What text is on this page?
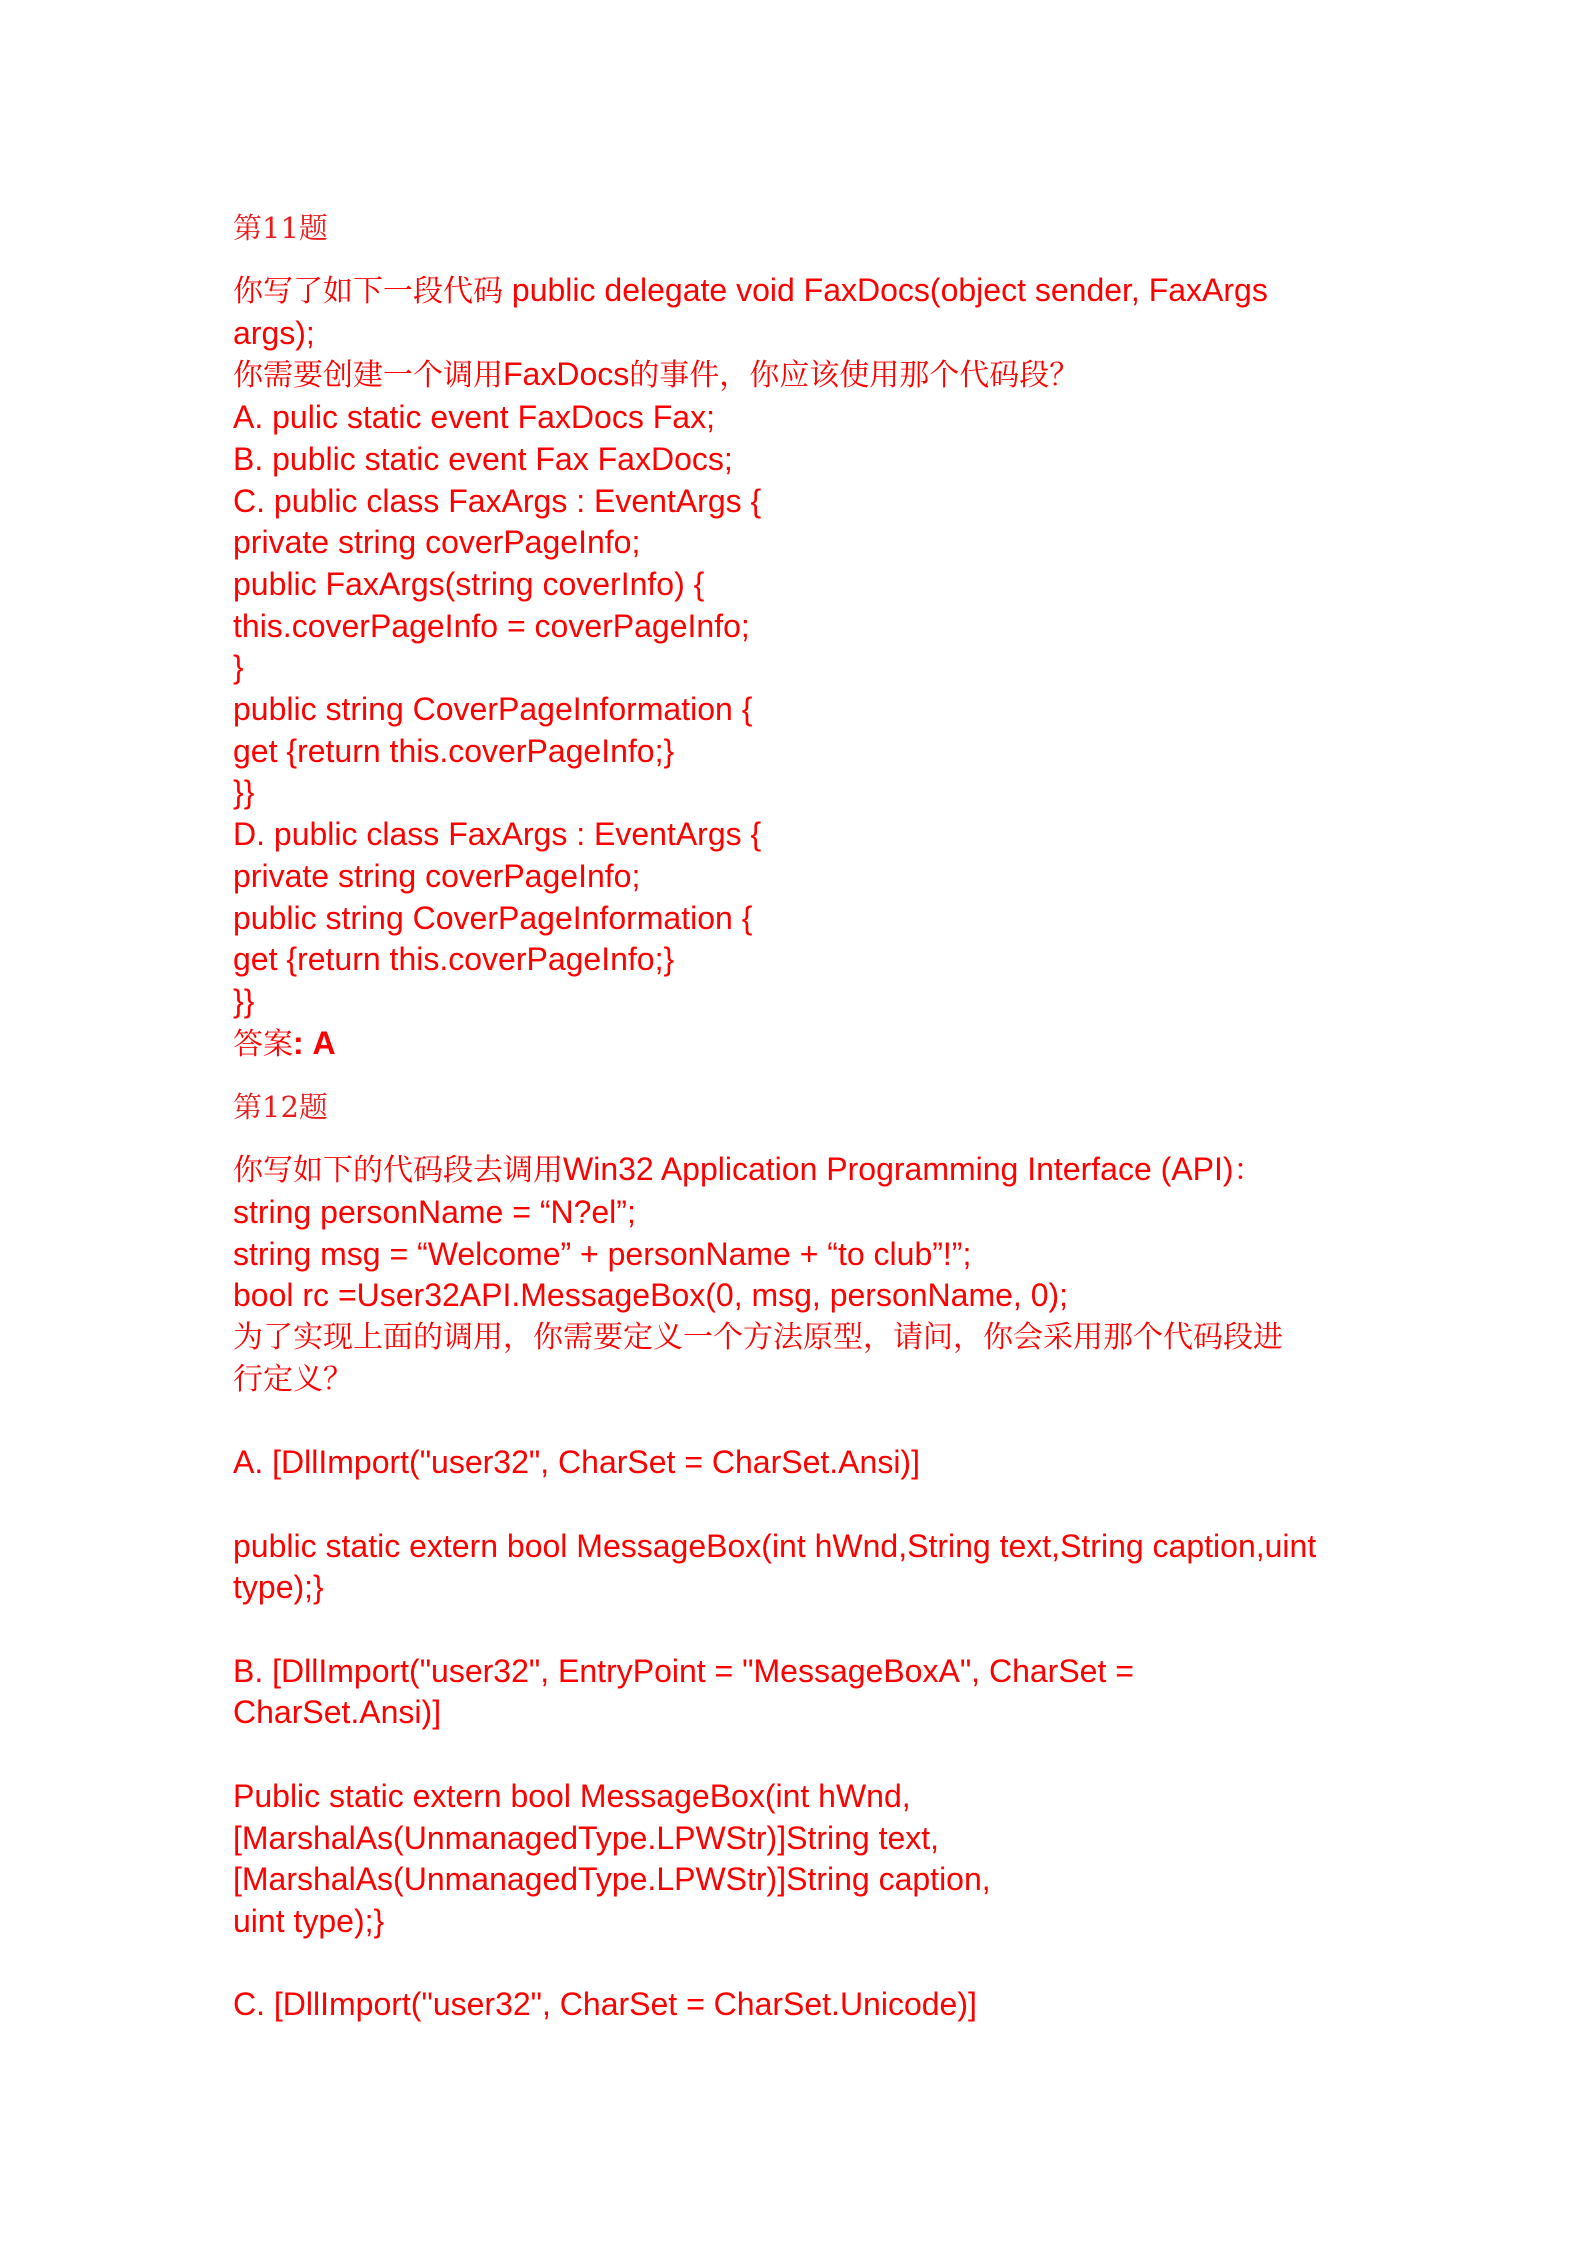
第11题
你写了如下一段代码 public delegate void FaxDocs(object sender, FaxArgs
args);
你需要创建一个调用FaxDocs的事件，你应该使用那个代码段？
A. pulic static event FaxDocs Fax;
B. public static event Fax FaxDocs;
C. public class FaxArgs : EventArgs {
private string coverPageInfo;
public FaxArgs(string coverInfo) {
this.coverPageInfo = coverPageInfo;
}
public string CoverPageInformation {
get {return this.coverPageInfo;}
}}
D. public class FaxArgs : EventArgs {
private string coverPageInfo;
public string CoverPageInformation {
get {return this.coverPageInfo;}
}}
答案: A
第12题
你写如下的代码段去调用Win32 Application Programming Interface (API)：
string personName = “N?el”;
string msg = “Welcome” + personName + “to club”!”;
bool rc =User32API.MessageBox(0, msg, personName, 0);
为了实现上面的调用，你需要定义一个方法原型，请问，你会采用那个代码段进
行定义？
A. [DllImport("user32", CharSet = CharSet.Ansi)]
public static extern bool MessageBox(int hWnd,String text,String caption,uint
type);}
B. [DllImport("user32", EntryPoint = "MessageBoxA", CharSet =
CharSet.Ansi)]
Public static extern bool MessageBox(int hWnd,
[MarshalAs(UnmanagedType.LPWStr)]String text,
[MarshalAs(UnmanagedType.LPWStr)]String caption,
uint type);}
C. [DllImport("user32", CharSet = CharSet.Unicode)]
